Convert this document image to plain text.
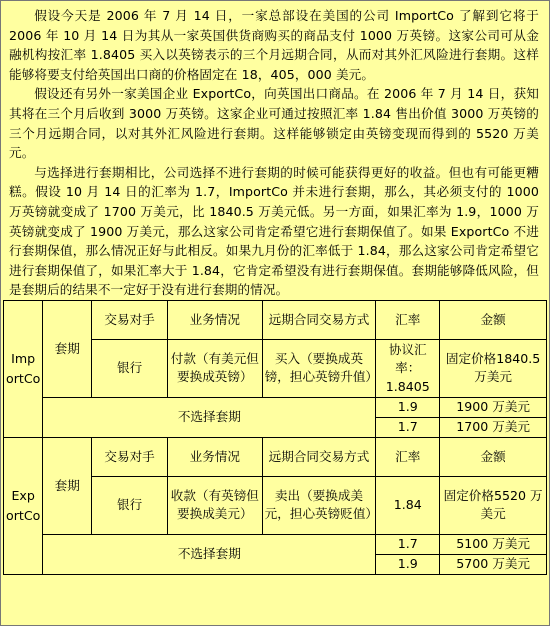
假设今天是 2006 年 7 月 14 日，一家总部设在美国的公司 ImportCo 了解到它将于 2006 年 10 月 14 日为其从一家英国供货商购买的商品支付 1000 万英镑。这家公司可从金融机构按汇率 1.8405 买入以英镑表示的三个月远期合同，从而对其外汇风险进行套期。这样能够将要支付给英国出口商的价格固定在 18，405，000 美元。

假设还有另外一家美国企业 ExportCo，向英国出口商品。在 2006 年 7 月 14 日，获知其将在三个月后收到 3000 万英镑。这家企业可通过按照汇率 1.84 售出价值 3000 万英镑的三个月远期合同，以对其外汇风险进行套期。这样能够锁定由英镑变现而得到的 5520 万美元。

与选择进行套期相比，公司选择不进行套期的时候可能获得更好的收益。但也有可能更糟糕。假设 10 月 14 日的汇率为 1.7，ImportCo 并未进行套期，那么，其必须支付的 1000 万英镑就变成了 1700 万美元，比 1840.5 万美元低。另一方面，如果汇率为 1.9，1000 万英镑就变成了 1900 万美元，那么这家公司肯定希望它进行套期保值了。如果 ExportCo 不进行套期保值，那么情况正好与此相反。如果九月份的汇率低于 1.84，那么这家公司肯定希望它进行套期保值了，如果汇率大于 1.84，它肯定希望没有进行套期保值。套期能够降低风险，但是套期后的结果不一定好于没有进行套期的情况。

Imp
ortCo	套期	交易对手	业务情况	远期合同交易方式	汇率	金额
		银行	付款（有美元但要换成英镑）	买入（要换成英镑，担心英镑升值）	协议汇率：1.8405	固定价格1840.5 万美元
	不选择套期				1.9	1900 万美元
					1.7	1700 万美元
Exp
ortCo	套期	交易对手	业务情况	远期合同交易方式	汇率	金额
		银行	收款（有英镑但要换成美元）	卖出（要换成美元，担心英镑贬值）	1.84	固定价格5520 万美元
	不选择套期				1.7	5100 万美元
					1.9	5700 万美元
